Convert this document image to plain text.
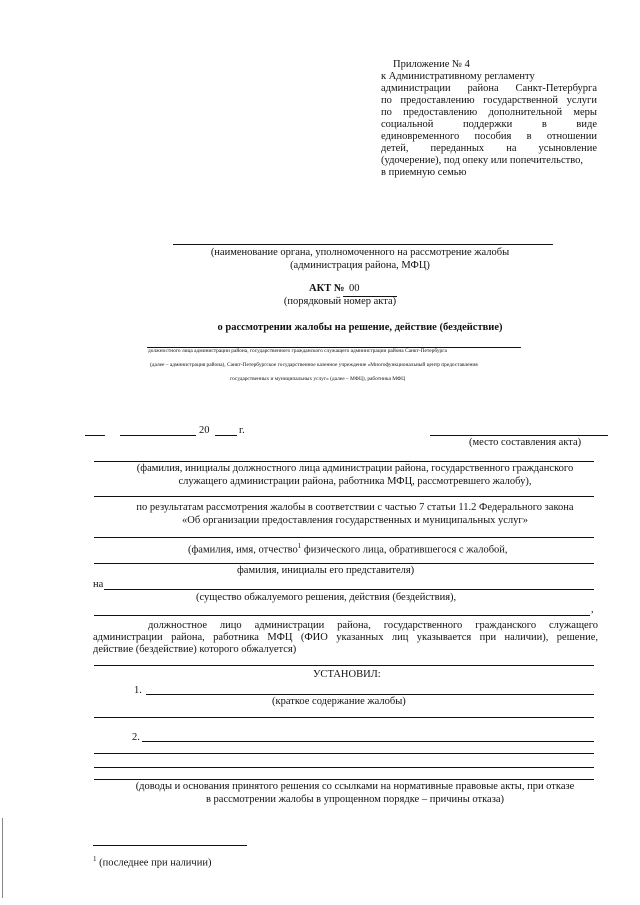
Приложение № 4
к Административному регламенту
администрации района Санкт-Петербурга
по предоставлению государственной услуги
по предоставлению дополнительной меры
социальной поддержки в виде
единовременного пособия в отношении
детей, переданных на усыновление
(удочерение), под опеку или попечительство,
в приемную семью
(наименование органа, уполномоченного на рассмотрение жалобы
(администрация района, МФЦ)
АКТ № 00
(порядковый номер акта)
о рассмотрении жалобы на решение, действие (бездействие)
должностного лица администрации района, государственного гражданского служащего администрации района Санкт-Петербурга
(далее – администрация района), Санкт-Петербургское государственное казенное учреждение «Многофункциональный центр предоставления
государственных и муниципальных услуг» (далее – МФЦ), работника МФЦ
20	г.
(место составления акта)
(фамилия, инициалы должностного лица администрации района, государственного гражданского
служащего администрации района, работника МФЦ, рассмотревшего жалобу),
по результатам рассмотрения жалобы в соответствии с частью 7 статьи 11.2 Федерального закона
«Об организации предоставления государственных и муниципальных услуг»
(фамилия, имя, отчество$^1$ физического лица, обратившегося с жалобой,
фамилия, инициалы его представителя)
на
(существо обжалуемого решения, действия (бездействия),
,
должностное лицо администрации района, государственного гражданского служащего
администрации района, работника МФЦ (ФИО указанных лиц указывается при наличии), решение,
действие (бездействие) которого обжалуется)
УСТАНОВИЛ:
1.
(краткое содержание жалобы)
2.
(доводы и основания принятого решения со ссылками на нормативные правовые акты, при отказе
в рассмотрении жалобы в упрощенном порядке – причины отказа)
$^1$ (последнее при наличии)
